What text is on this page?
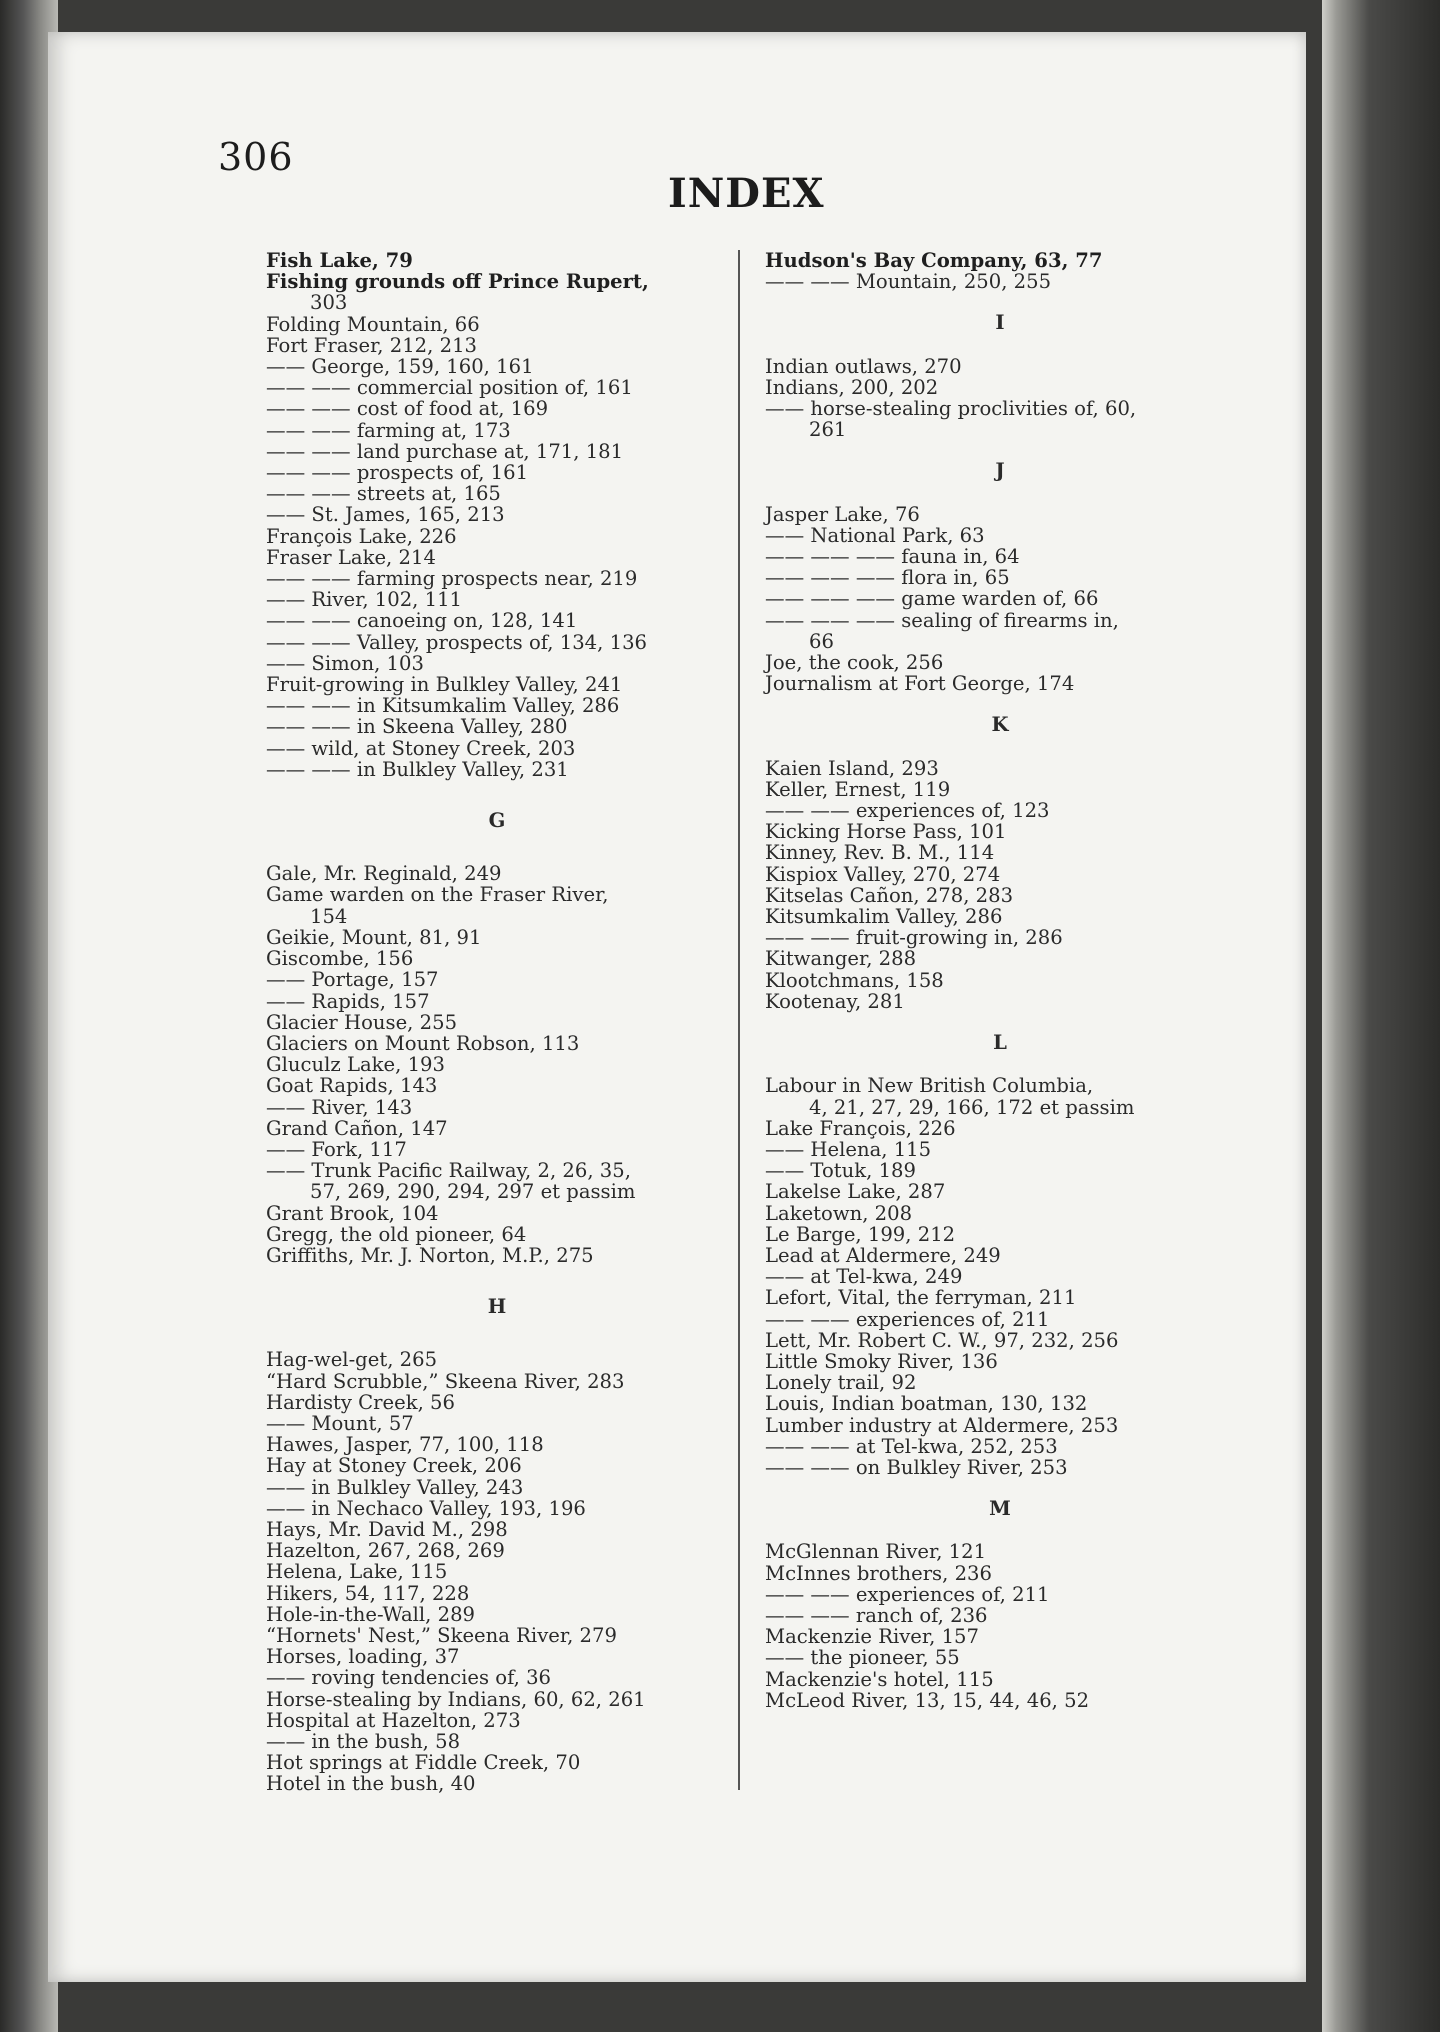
306
INDEX
Fish Lake, 79
Fishing grounds off Prince Rupert,
303
Folding Mountain, 66
Fort Fraser, 212, 213
—— George, 159, 160, 161
—— —— commercial position of, 161
—— —— cost of food at, 169
—— —— farming at, 173
—— —— land purchase at, 171, 181
—— —— prospects of, 161
—— —— streets at, 165
—— St. James, 165, 213
François Lake, 226
Fraser Lake, 214
—— —— farming prospects near, 219
—— River, 102, 111
—— —— canoeing on, 128, 141
—— —— Valley, prospects of, 134, 136
—— Simon, 103
Fruit-growing in Bulkley Valley, 241
—— —— in Kitsumkalim Valley, 286
—— —— in Skeena Valley, 280
—— wild, at Stoney Creek, 203
—— —— in Bulkley Valley, 231
G
Gale, Mr. Reginald, 249
Game warden on the Fraser River,
154
Geikie, Mount, 81, 91
Giscombe, 156
—— Portage, 157
—— Rapids, 157
Glacier House, 255
Glaciers on Mount Robson, 113
Gluculz Lake, 193
Goat Rapids, 143
—— River, 143
Grand Cañon, 147
—— Fork, 117
—— Trunk Pacific Railway, 2, 26, 35,
57, 269, 290, 294, 297 et passim
Grant Brook, 104
Gregg, the old pioneer, 64
Griffiths, Mr. J. Norton, M.P., 275
H
Hag-wel-get, 265
“Hard Scrubble,” Skeena River, 283
Hardisty Creek, 56
—— Mount, 57
Hawes, Jasper, 77, 100, 118
Hay at Stoney Creek, 206
—— in Bulkley Valley, 243
—— in Nechaco Valley, 193, 196
Hays, Mr. David M., 298
Hazelton, 267, 268, 269
Helena, Lake, 115
Hikers, 54, 117, 228
Hole-in-the-Wall, 289
“Hornets' Nest,” Skeena River, 279
Horses, loading, 37
—— roving tendencies of, 36
Horse-stealing by Indians, 60, 62, 261
Hospital at Hazelton, 273
—— in the bush, 58
Hot springs at Fiddle Creek, 70
Hotel in the bush, 40
Hudson's Bay Company, 63, 77
—— —— Mountain, 250, 255
I
Indian outlaws, 270
Indians, 200, 202
—— horse-stealing proclivities of, 60,
261
J
Jasper Lake, 76
—— National Park, 63
—— —— —— fauna in, 64
—— —— —— flora in, 65
—— —— —— game warden of, 66
—— —— —— sealing of firearms in,
66
Joe, the cook, 256
Journalism at Fort George, 174
K
Kaien Island, 293
Keller, Ernest, 119
—— —— experiences of, 123
Kicking Horse Pass, 101
Kinney, Rev. B. M., 114
Kispiox Valley, 270, 274
Kitselas Cañon, 278, 283
Kitsumkalim Valley, 286
—— —— fruit-growing in, 286
Kitwanger, 288
Klootchmans, 158
Kootenay, 281
L
Labour in New British Columbia,
4, 21, 27, 29, 166, 172 et passim
Lake François, 226
—— Helena, 115
—— Totuk, 189
Lakelse Lake, 287
Laketown, 208
Le Barge, 199, 212
Lead at Aldermere, 249
—— at Tel-kwa, 249
Lefort, Vital, the ferryman, 211
—— —— experiences of, 211
Lett, Mr. Robert C. W., 97, 232, 256
Little Smoky River, 136
Lonely trail, 92
Louis, Indian boatman, 130, 132
Lumber industry at Aldermere, 253
—— —— at Tel-kwa, 252, 253
—— —— on Bulkley River, 253
M
McGlennan River, 121
McInnes brothers, 236
—— —— experiences of, 211
—— —— ranch of, 236
Mackenzie River, 157
—— the pioneer, 55
Mackenzie's hotel, 115
McLeod River, 13, 15, 44, 46, 52
